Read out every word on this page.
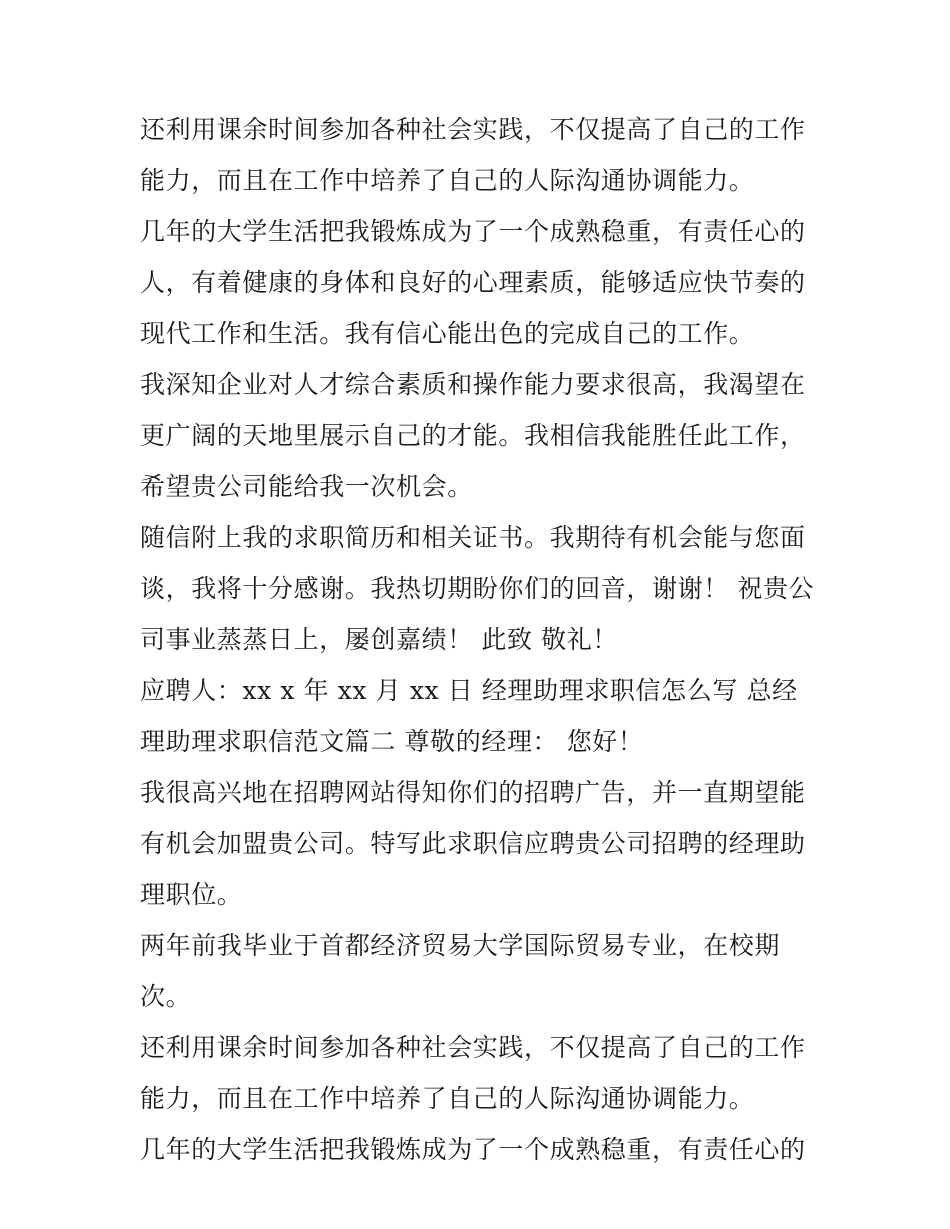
还利用课余时间参加各种社会实践，不仅提高了自己的工作能力，而且在工作中培养了自己的人际沟通协调能力。

几年的大学生活把我锻炼成为了一个成熟稳重，有责任心的人，有着健康的身体和良好的心理素质，能够适应快节奏的现代工作和生活。我有信心能出色的完成自己的工作。

我深知企业对人才综合素质和操作能力要求很高，我渴望在更广阔的天地里展示自己的才能。我相信我能胜任此工作，希望贵公司能给我一次机会。

随信附上我的求职简历和相关证书。我期待有机会能与您面谈，我将十分感谢。我热切期盼你们的回音，谢谢！ 祝贵公司事业蒸蒸日上，屡创嘉绩！ 此致 敬礼！

应聘人：xx x 年 xx 月 xx 日 经理助理求职信怎么写 总经理助理求职信范文篇二 尊敬的经理： 您好！

我很高兴地在招聘网站得知你们的招聘广告，并一直期望能有机会加盟贵公司。特写此求职信应聘贵公司招聘的经理助理职位。

两年前我毕业于首都经济贸易大学国际贸易专业，在校期次。

还利用课余时间参加各种社会实践，不仅提高了自己的工作能力，而且在工作中培养了自己的人际沟通协调能力。

几年的大学生活把我锻炼成为了一个成熟稳重，有责任心的
